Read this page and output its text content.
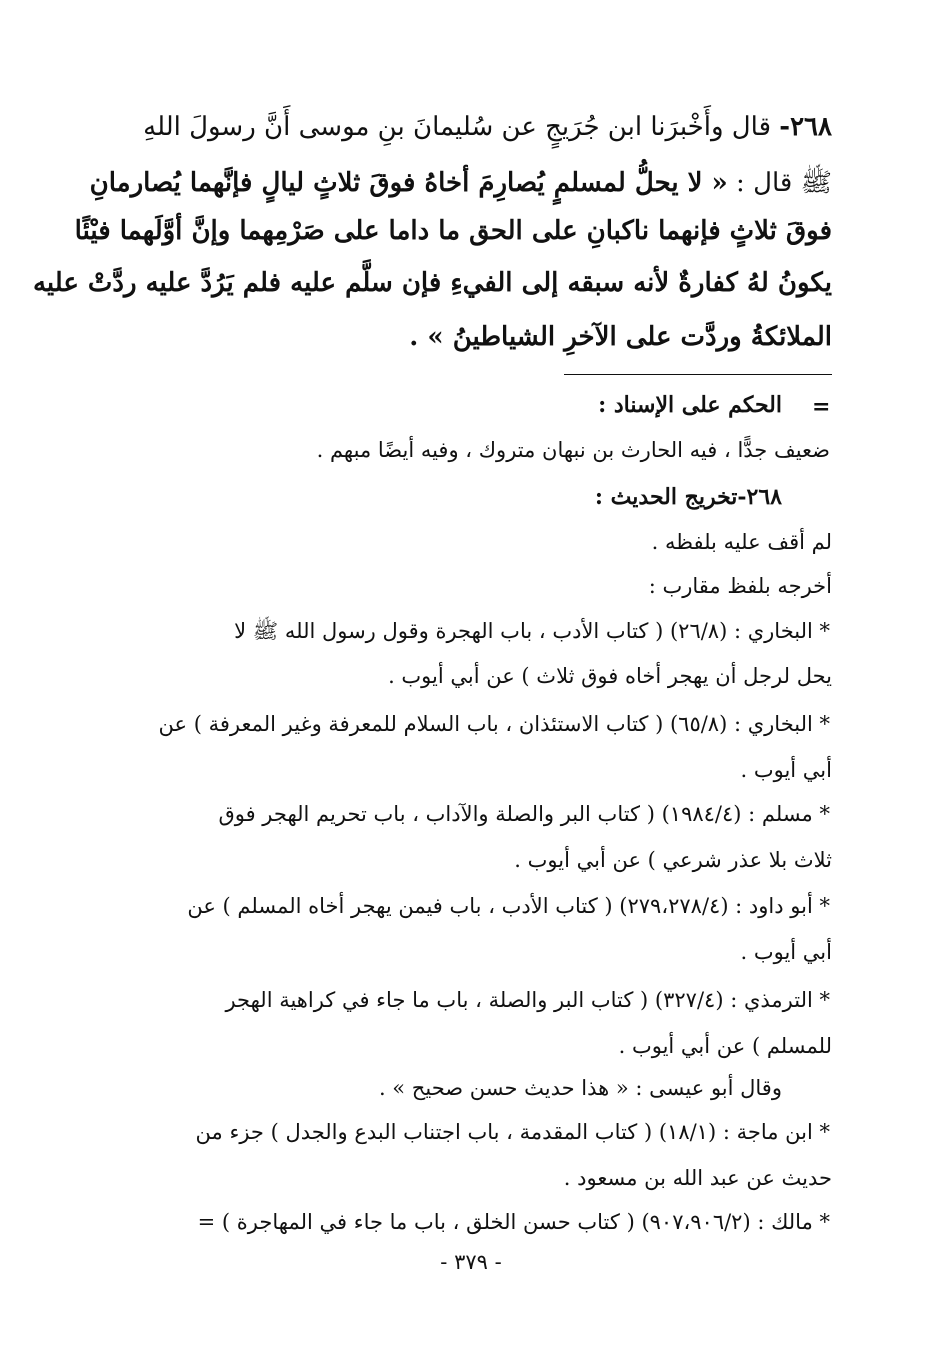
٢٦٨- قال وأَخْبرَنا ابن جُرَيجٍ عن سُليمانَ بنِ موسى أَنَّ رسولَ اللهِ
ﷺ قال : « لا يحلُّ لمسلمٍ يُصارِمَ أخاهُ فوقَ ثلاثٍ ليالٍ فإنَّهما يُصارمانِ
فوقَ ثلاثٍ فإنهما ناكبانِ على الحق ما داما على صَرْمِهما وإنَّ أوَّلَهما فيْئًا
يكونُ لهُ كفارةٌ لأنه سبقه إلى الفيءِ فإن سلَّم عليه فلم يَرُدَّ عليه ردَّتْ عليه
الملائكةُ وردَّت على الآخرِ الشياطينُ » .
=
الحكم على الإسناد :
ضعيف جدًّا ، فيه الحارث بن نبهان متروك ، وفيه أيضًا مبهم .
٢٦٨-تخريج الحديث :
لم أقف عليه بلفظه .
أخرجه بلفظ مقارب :
* البخاري : (٢٦/٨) ( كتاب الأدب ، باب الهجرة وقول رسول الله ﷺ لا
يحل لرجل أن يهجر أخاه فوق ثلاث ) عن أبي أيوب .
* البخاري : (٦٥/٨) ( كتاب الاستئذان ، باب السلام للمعرفة وغير المعرفة ) عن
أبي أيوب .
* مسلم : (١٩٨٤/٤) ( كتاب البر والصلة والآداب ، باب تحريم الهجر فوق
ثلاث بلا عذر شرعي ) عن أبي أيوب .
* أبو داود : (٢٧٩،٢٧٨/٤) ( كتاب الأدب ، باب فيمن يهجر أخاه المسلم ) عن
أبي أيوب .
* الترمذي : (٣٢٧/٤) ( كتاب البر والصلة ، باب ما جاء في كراهية الهجر
للمسلم ) عن أبي أيوب .
وقال أبو عيسى : « هذا حديث حسن صحيح » .
* ابن ماجة : (١٨/١) ( كتاب المقدمة ، باب اجتناب البدع والجدل ) جزء من
حديث عن عبد الله بن مسعود .
* مالك : (٩٠٧،٩٠٦/٢) ( كتاب حسن الخلق ، باب ما جاء في المهاجرة ) =
- ٣٧٩ -
